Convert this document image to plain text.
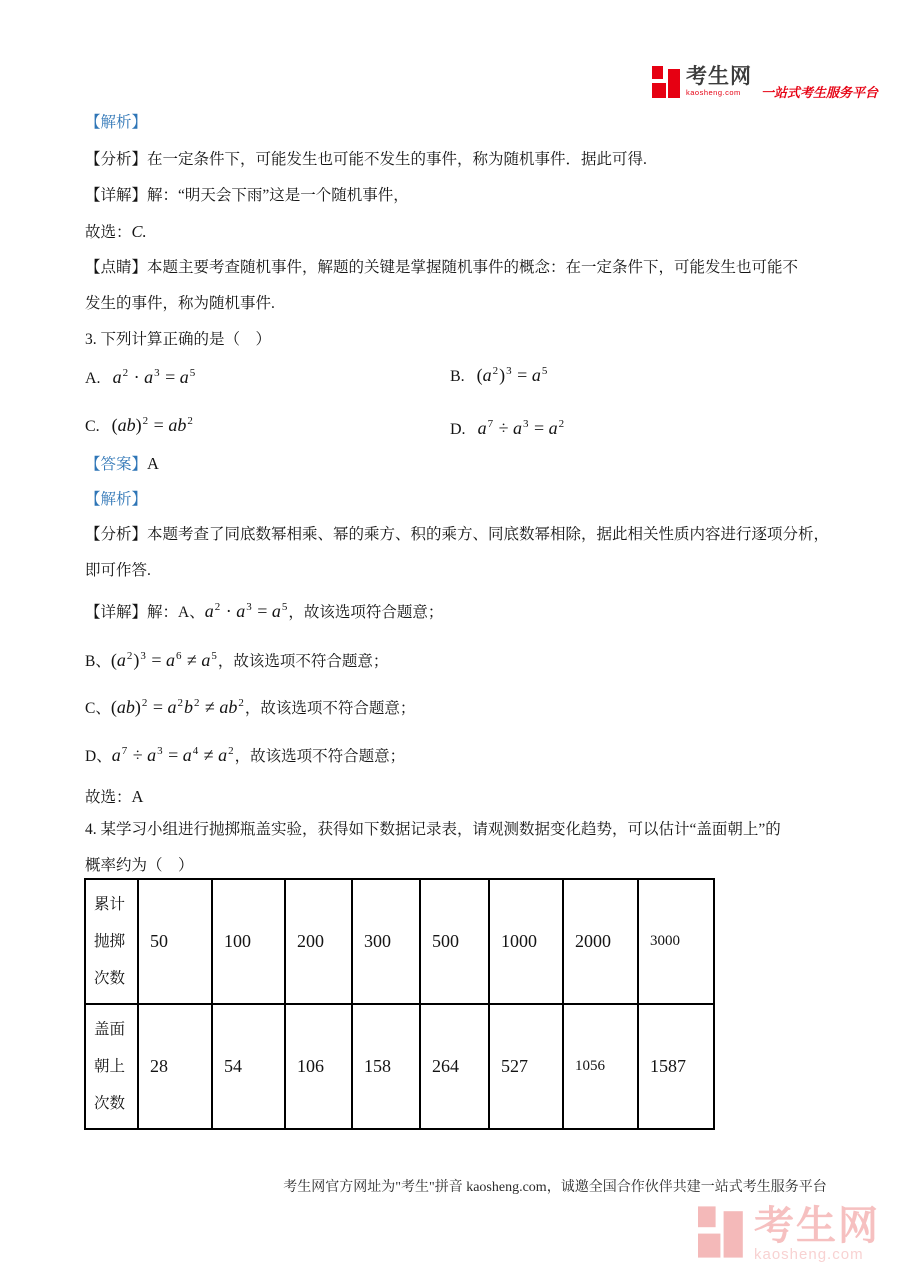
考生网
kaosheng.com	一站式考生服务平台
【解析】
【分析】在一定条件下，可能发生也可能不发生的事件，称为随机事件．据此可得.
【详解】解：“明天会下雨”这是一个随机事件，
故选：C.
【点睛】本题主要考查随机事件，解题的关键是掌握随机事件的概念：在一定条件下，可能发生也可能不
发生的事件，称为随机事件.
3. 下列计算正确的是（　）
A. $a^2 \cdot a^3 = a^5$	B. $(a^2)^3 = a^5$
C. $(ab)^2 = ab^2$	D. $a^7 \div a^3 = a^2$
【答案】A
【解析】
【分析】本题考查了同底数幂相乘、幂的乘方、积的乘方、同底数幂相除，据此相关性质内容进行逐项分析，
即可作答.
【详解】解：A、$a^2 \cdot a^3 = a^5$，故该选项符合题意；
B、$(a^2)^3 = a^6 \ne a^5$，故该选项不符合题意；
C、$(ab)^2 = a^2b^2 \ne ab^2$，故该选项不符合题意；
D、$a^7 \div a^3 = a^4 \ne a^2$，故该选项不符合题意；
故选：A
4. 某学习小组进行抛掷瓶盖实验，获得如下数据记录表，请观测数据变化趋势，可以估计“盖面朝上”的
概率约为（　）
累计
抛掷
次数	50	100	200	300	500	1000	2000	3000

盖面
朝上
次数	28	54	106	158	264	527	1056	1587
考生网官方网址为"考生"拼音 kaosheng.com，诚邀全国合作伙伴共建一站式考生服务平台
考生网
kaosheng.com
